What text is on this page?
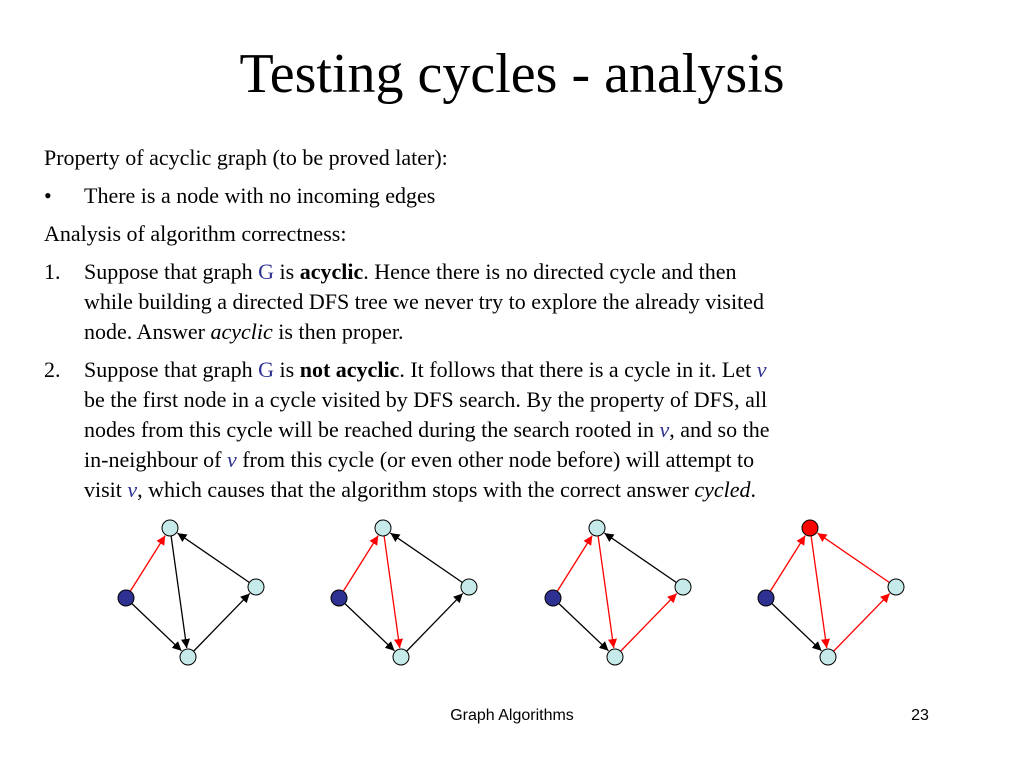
Testing cycles - analysis
Property of acyclic graph (to be proved later):
• There is a node with no incoming edges
Analysis of algorithm correctness:
1. Suppose that graph G is acyclic. Hence there is no directed cycle and then
while building a directed DFS tree we never try to explore the already visited
node. Answer acyclic is then proper.
2. Suppose that graph G is not acyclic. It follows that there is a cycle in it. Let v
be the first node in a cycle visited by DFS search. By the property of DFS, all
nodes from this cycle will be reached during the search rooted in v, and so the
in-neighbour of v from this cycle (or even other node before) will attempt to
visit v, which causes that the algorithm stops with the correct answer cycled.
Graph Algorithms	23
